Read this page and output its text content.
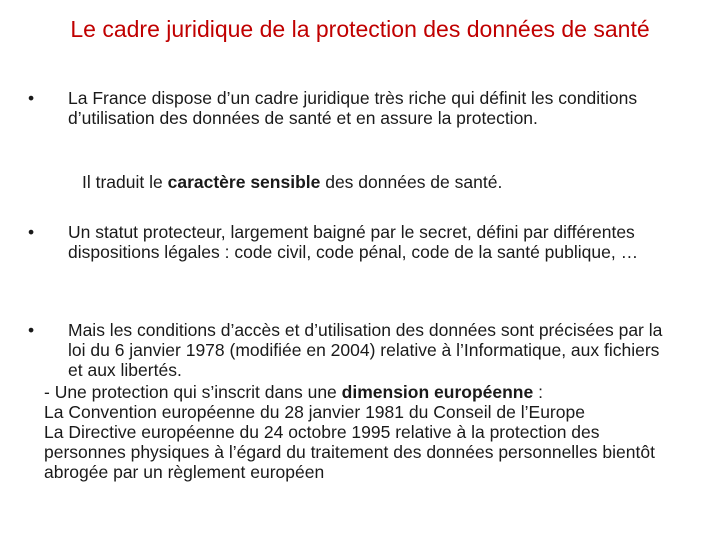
Le cadre juridique de la protection des données de santé
• La France dispose d’un cadre juridique très riche qui définit les conditions d’utilisation des données de santé et en assure la protection.
Il traduit le caractère sensible des données de santé.
• Un statut protecteur, largement baigné par le secret, défini par différentes dispositions légales : code civil, code pénal, code de la santé publique, …
• Mais les conditions d’accès et d’utilisation des données sont précisées par la loi du 6 janvier 1978 (modifiée en 2004) relative à l’Informatique, aux fichiers et aux libertés.
- Une protection qui s’inscrit dans une dimension européenne :
La Convention européenne du 28 janvier 1981 du Conseil de l’Europe
La Directive européenne du 24 octobre 1995 relative à la protection des personnes physiques à l’égard du traitement des données personnelles bientôt abrogée par un règlement européen
